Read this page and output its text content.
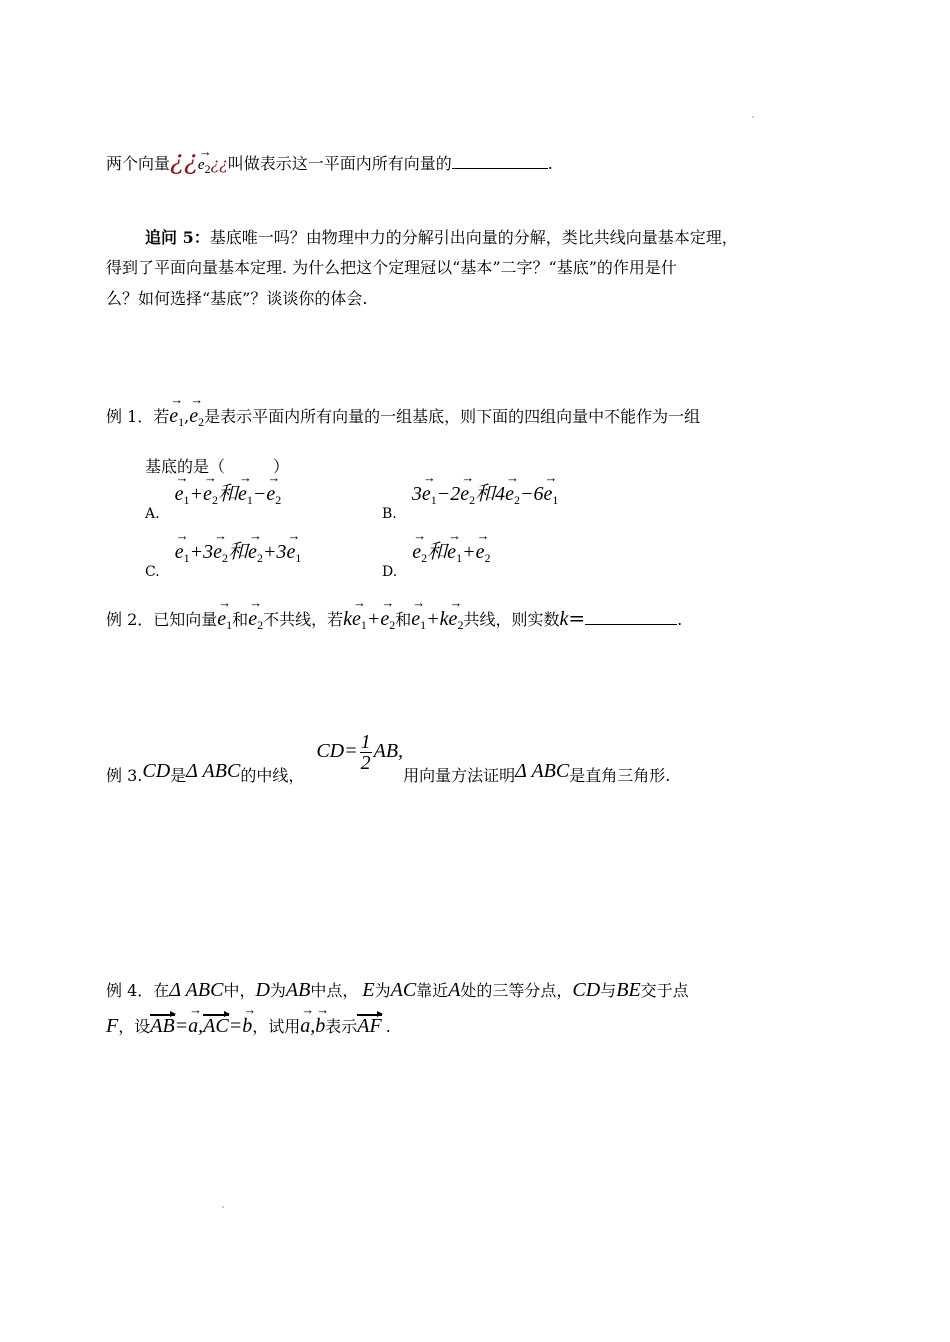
两个向量¿¿→ $e_2¿¿$叫做表示这一平面内所有向量的	.
追问 5：基底唯一吗？由物理中力的分解引出向量的分解，类比共线向量基本定理，
得到了平面向量基本定理. 为什么把这个定理冠以“基本”二字？“基底”的作用是什
么？如何选择“基底”？谈谈你的体会.
例 1．若→ $e_1,\to e_2$是表示平面内所有向量的一组基底，则下面的四组向量中不能作为一组
基底的是（　　　）
A. → $e_1+\to e_2$和→ $e_1-\to e_2$
B. $3\to e_1-2\to e_2$和$4\to e_2-6\to e_1$
C. → $e_1+3\to e_2$和→ $e_2+3\to e_1$
D. → $e_2$和→ $e_1+\to e_2$
例 2．已知向量→ $e_1$和→ $e_2$不共线，若$k\to e_1+\to e_2$和→ $e_1+k\to e_2$共线，则实数k=	.
例 3.CD是Δ ABC的中线，$CD= \frac{1}{2}$ AB,用向量方法证明Δ ABC是直角三角形.
例 4．在Δ ABC中，D为AB中点， E为AC靠近A处的三等分点，CD与BE交于点
F，设AB=→ a,AC=→ b，试用→ a,→ b表示AF .
